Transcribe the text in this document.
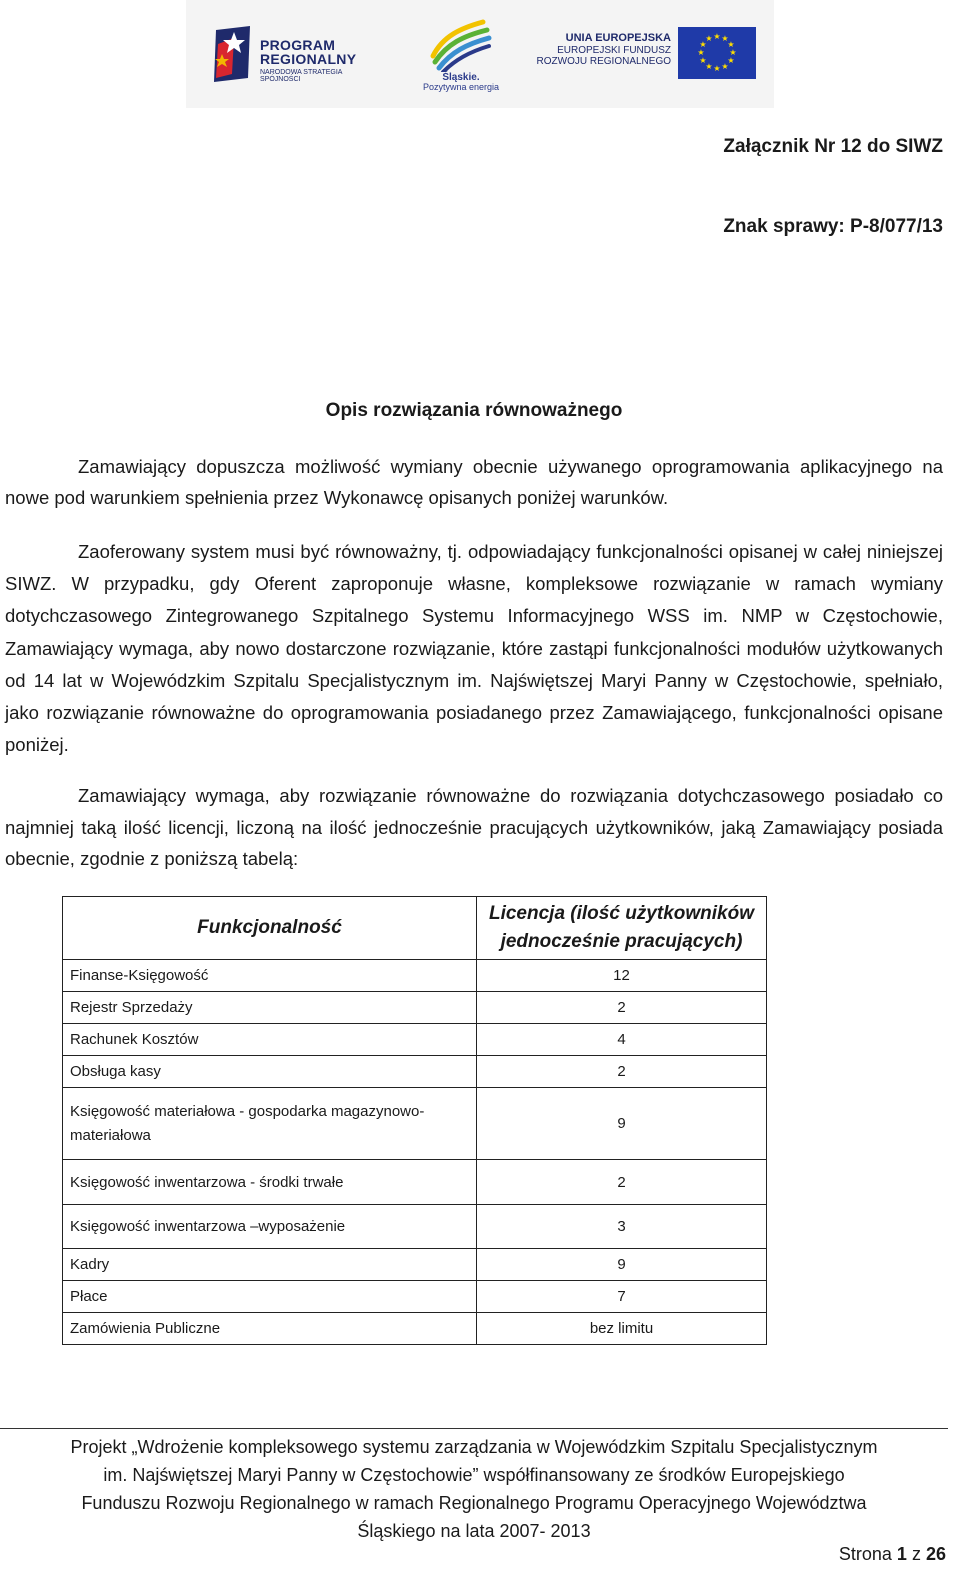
PROGRAM
REGIONALNY
NARODOWA STRATEGIA SPÓJNOŚCI	Śląskie.
Pozytywna energia
UNIA EUROPEJSKA
EUROPEJSKI FUNDUSZ
ROZWOJU REGIONALNEGO
★ ★
★
★
★
★
★
★
★
★
★
★
Załącznik Nr 12 do SIWZ
Znak sprawy: P-8/077/13
Opis rozwiązania równoważnego

Zamawiający dopuszcza możliwość wymiany obecnie używanego oprogramowania aplikacyjnego na nowe pod warunkiem spełnienia przez Wykonawcę opisanych poniżej warunków.

Zaoferowany system musi być równoważny, tj. odpowiadający funkcjonalności opisanej w całej niniejszej SIWZ. W przypadku, gdy Oferent zaproponuje własne, kompleksowe rozwiązanie w ramach wymiany dotychczasowego Zintegrowanego Szpitalnego Systemu Informacyjnego WSS im. NMP w Częstochowie, Zamawiający wymaga, aby nowo dostarczone rozwiązanie, które zastąpi funkcjonalności modułów użytkowanych od 14 lat w Wojewódzkim Szpitalu Specjalistycznym im. Najświętszej Maryi Panny w Częstochowie, spełniało, jako rozwiązanie równoważne do oprogramowania posiadanego przez Zamawiającego, funkcjonalności opisane poniżej.

Zamawiający wymaga, aby rozwiązanie równoważne do rozwiązania dotychczasowego posiadało co najmniej taką ilość licencji, liczoną na ilość jednocześnie pracujących użytkowników, jaką Zamawiający posiada obecnie, zgodnie z poniższą tabelą:

Funkcjonalność	Licencja (ilość użytkowników jednocześnie pracujących)
Finanse-Księgowość	12
Rejestr Sprzedaży	2
Rachunek Kosztów	4
Obsługa kasy	2
Księgowość materiałowa - gospodarka magazynowo-materiałowa	9
Księgowość inwentarzowa - środki trwałe	2
Księgowość inwentarzowa –wyposażenie	3
Kadry	9
Płace	7
Zamówienia Publiczne	bez limitu
Projekt „Wdrożenie kompleksowego systemu zarządzania w Wojewódzkim Szpitalu Specjalistycznym
im. Najświętszej Maryi Panny w Częstochowie” współfinansowany ze środków Europejskiego
Funduszu Rozwoju Regionalnego w ramach Regionalnego Programu Operacyjnego Województwa
Śląskiego na lata 2007- 2013
Strona 1 z 26
